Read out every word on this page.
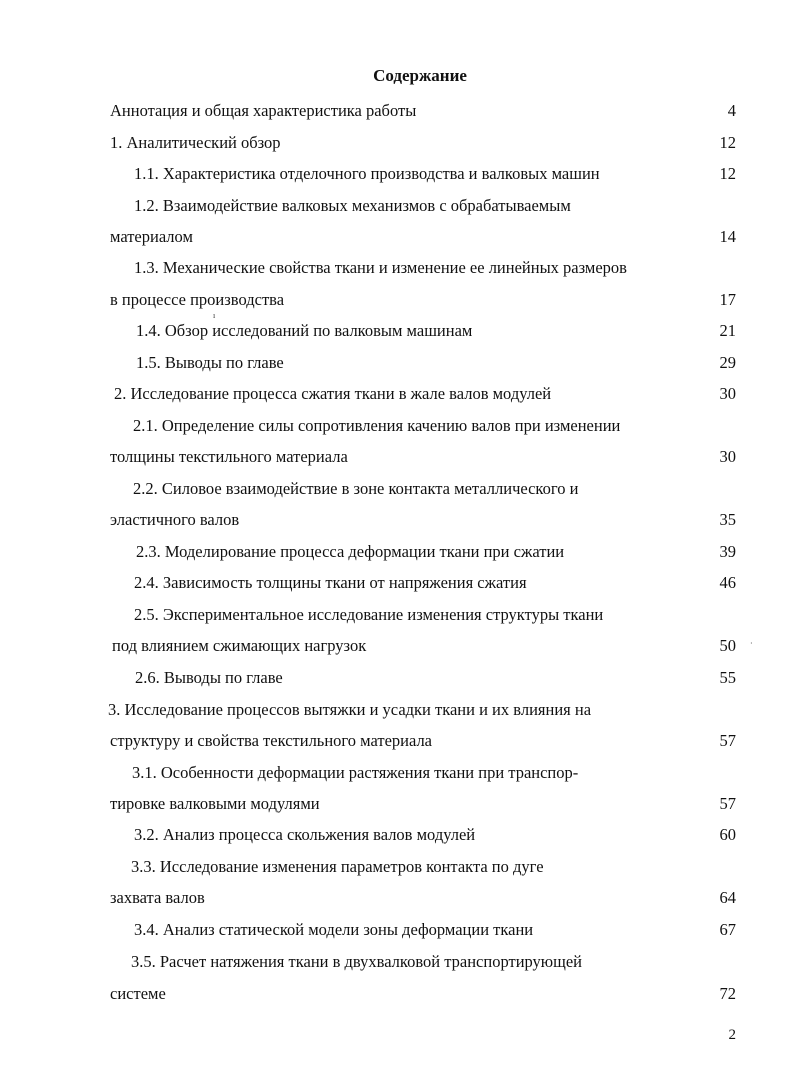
Содержание
Аннотация и общая характеристика работы	4
1. Аналитический обзор	12
1.1. Характеристика отделочного производства и валковых машин	12
1.2. Взаимодействие валковых механизмов с обрабатываемым
материалом	14
1.3. Механические свойства ткани и изменение ее линейных размеров
в процессе производства	17
ı
1.4. Обзор исследований по валковым машинам	21
1.5. Выводы по главе	29
2. Исследование процесса сжатия ткани в жале валов модулей	30
2.1. Определение силы сопротивления качению валов при изменении
толщины текстильного материала	30
2.2. Силовое взаимодействие в зоне контакта металлического и
эластичного валов	35
2.3. Моделирование процесса деформации ткани при сжатии	39
2.4. Зависимость толщины ткани от напряжения сжатия	46
2.5. Экспериментальное исследование изменения структуры ткани
под влиянием сжимающих нагрузок	50 ·
2.6. Выводы по главе	55
3. Исследование процессов вытяжки и усадки ткани и их влияния на
структуру и свойства текстильного материала	57
3.1. Особенности деформации растяжения ткани при транспор-
тировке валковыми модулями	57
3.2. Анализ процесса скольжения валов модулей	60
3.3. Исследование изменения параметров контакта по дуге
захвата валов	64
3.4. Анализ статической модели зоны деформации ткани	67
3.5. Расчет натяжения ткани в двухвалковой транспортирующей
системе	72
2
